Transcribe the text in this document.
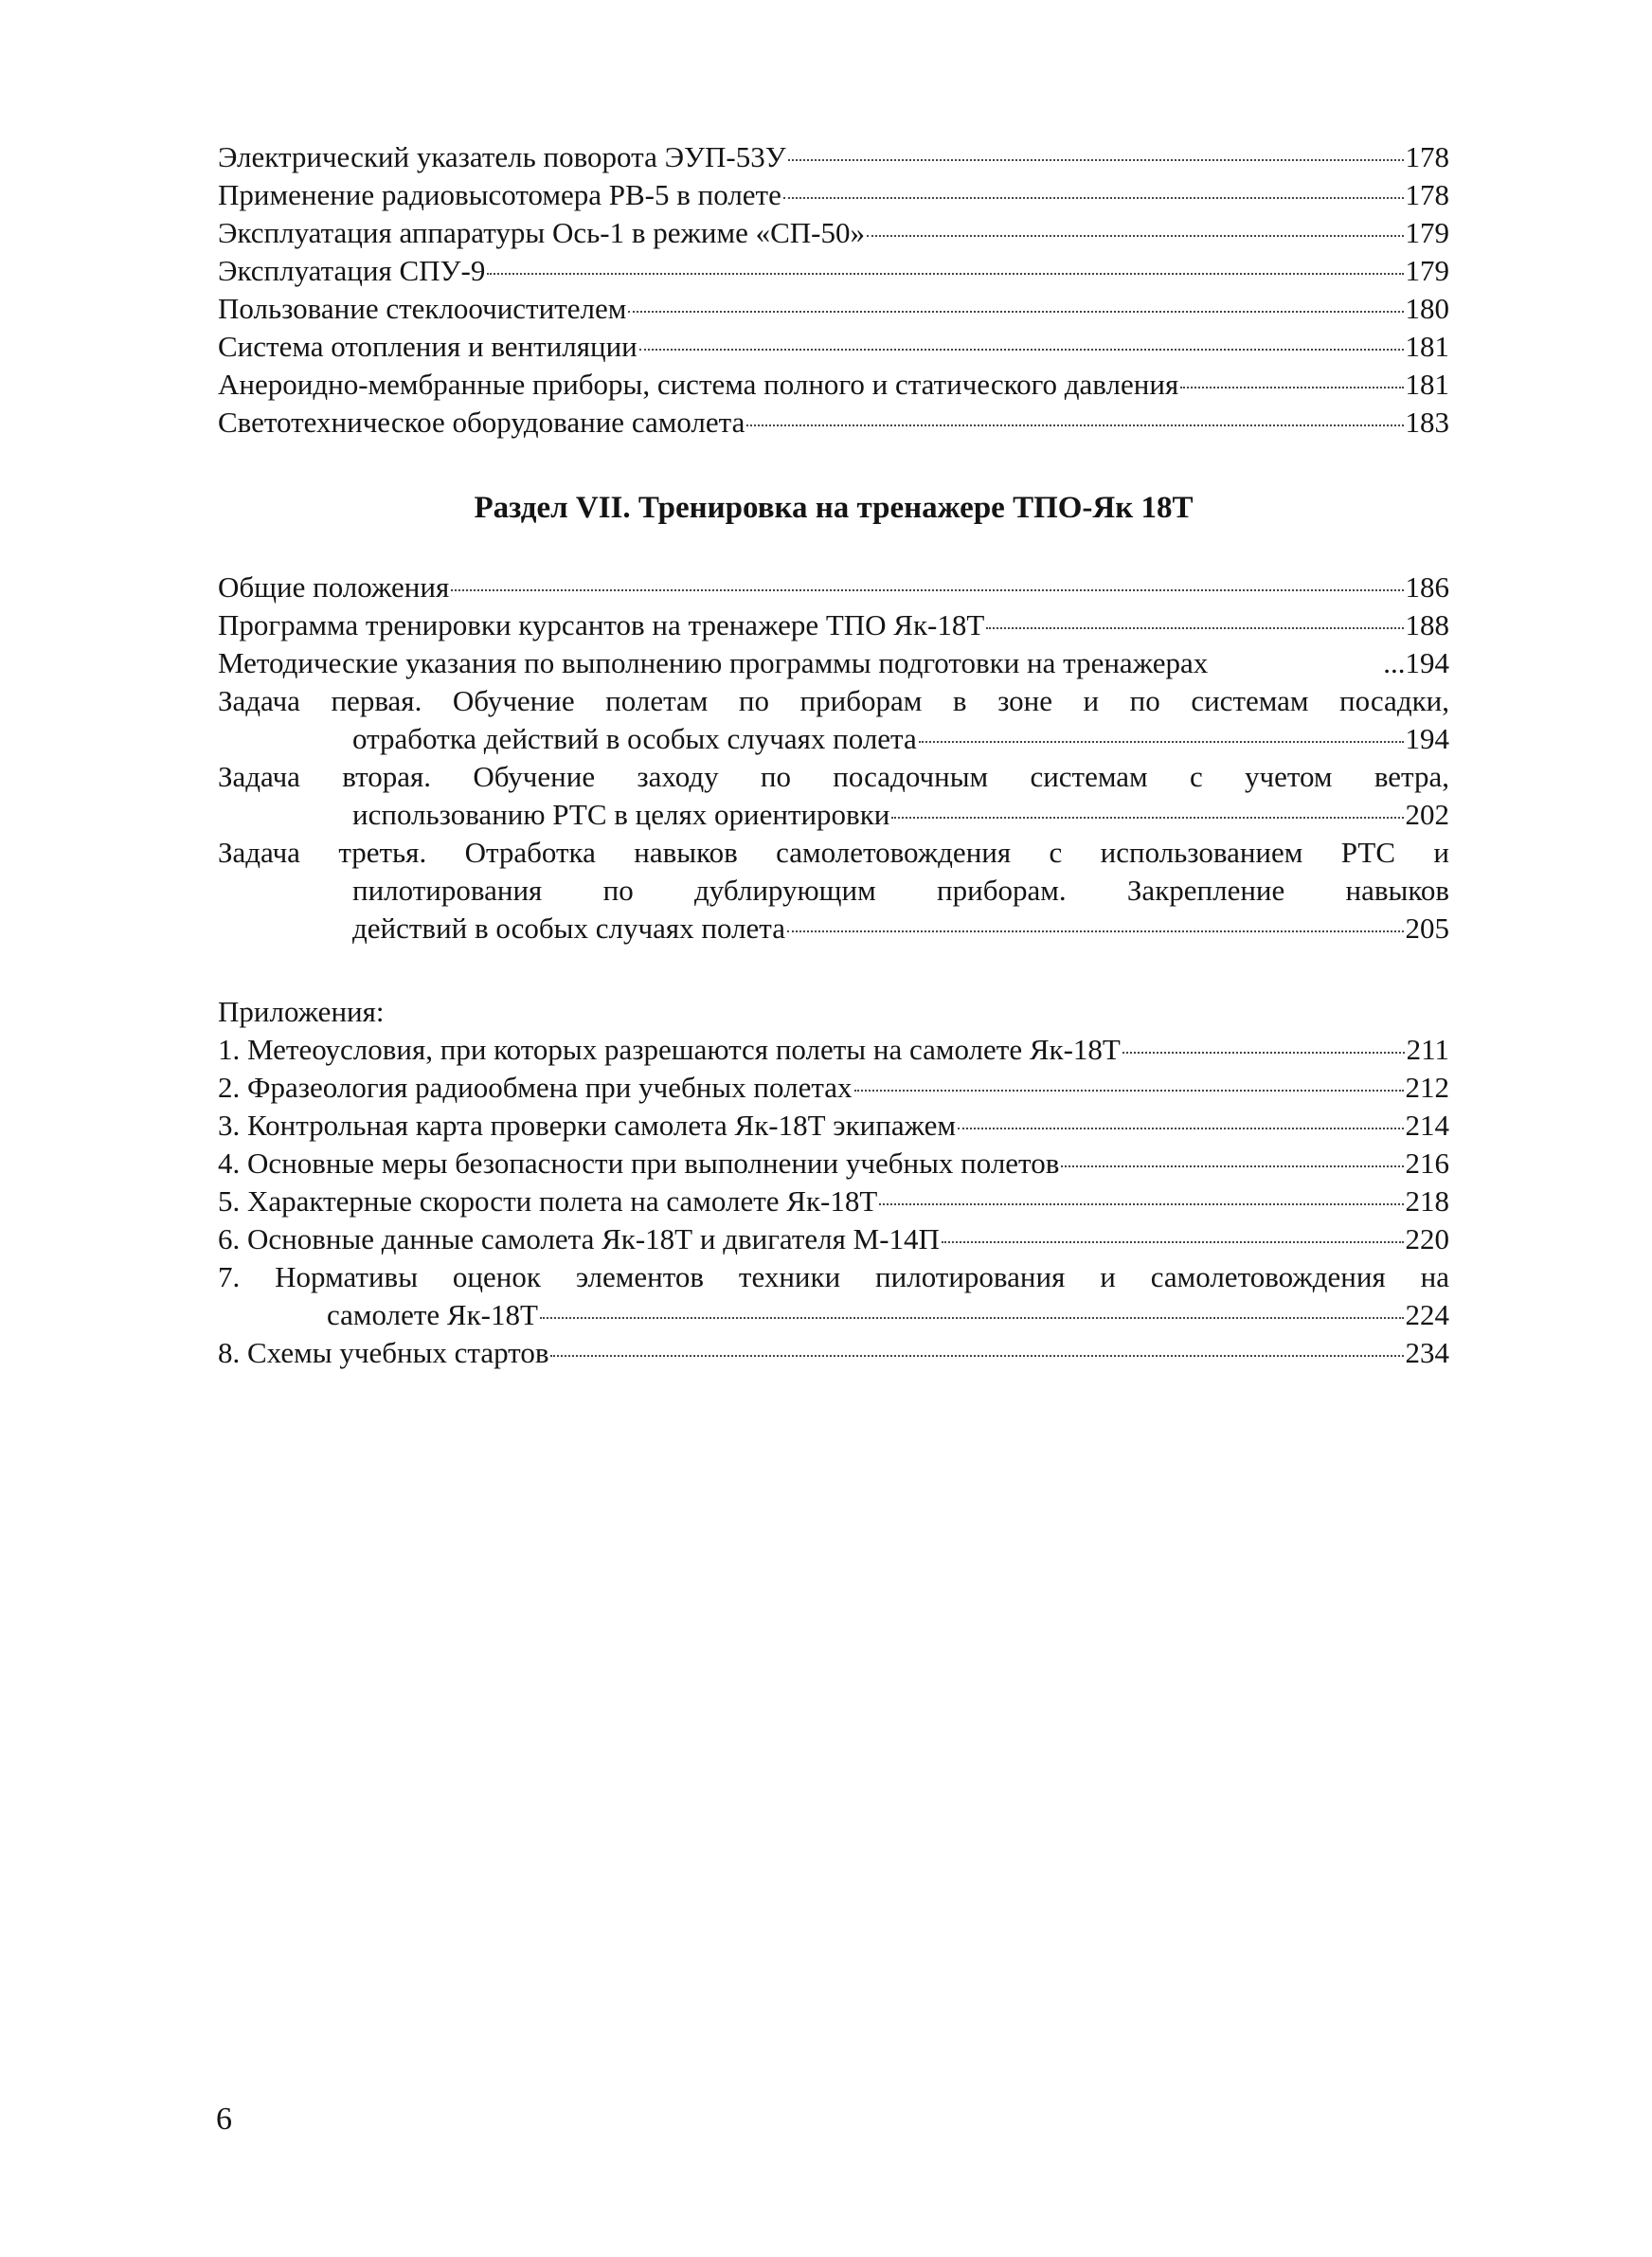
Электрический указатель поворота ЭУП-53У	178
Применение радиовысотомера РВ-5 в полете	178
Эксплуатация аппаратуры Ось-1 в режиме «СП-50»	179
Эксплуатация СПУ-9	179
Пользование стеклоочистителем	180
Система отопления и вентиляции	181
Анероидно-мембранные приборы, система полного и статического давления	181
Светотехническое оборудование самолета	183
Раздел VII. Тренировка на тренажере ТПО-Як 18Т
Общие положения	186
Программа тренировки курсантов на тренажере ТПО Як-18Т	188
Методические указания по выполнению программы подготовки на тренажерах	...194
Задача первая. Обучение полетам по приборам в зоне и по системам посадки,
отработка действий в особых случаях полета	194
Задача вторая. Обучение заходу по посадочным системам с учетом ветра,
использованию РТС в целях ориентировки	202
Задача третья. Отработка навыков самолетовождения с использованием РТС и
пилотирования по дублирующим приборам. Закрепление навыков
действий в особых случаях полета	205
Приложения:
1. Метеоусловия, при которых разрешаются полеты на самолете Як-18Т	211
2. Фразеология радиообмена при учебных полетах	212
3. Контрольная карта проверки самолета Як-18Т экипажем	214
4. Основные меры безопасности при выполнении учебных полетов	216
5. Характерные скорости полета на самолете Як-18Т	218
6. Основные данные самолета Як-18Т и двигателя М-14П	220
7. Нормативы оценок элементов техники пилотирования и самолетовождения на
самолете Як-18Т	224
8. Схемы учебных стартов	234
6
